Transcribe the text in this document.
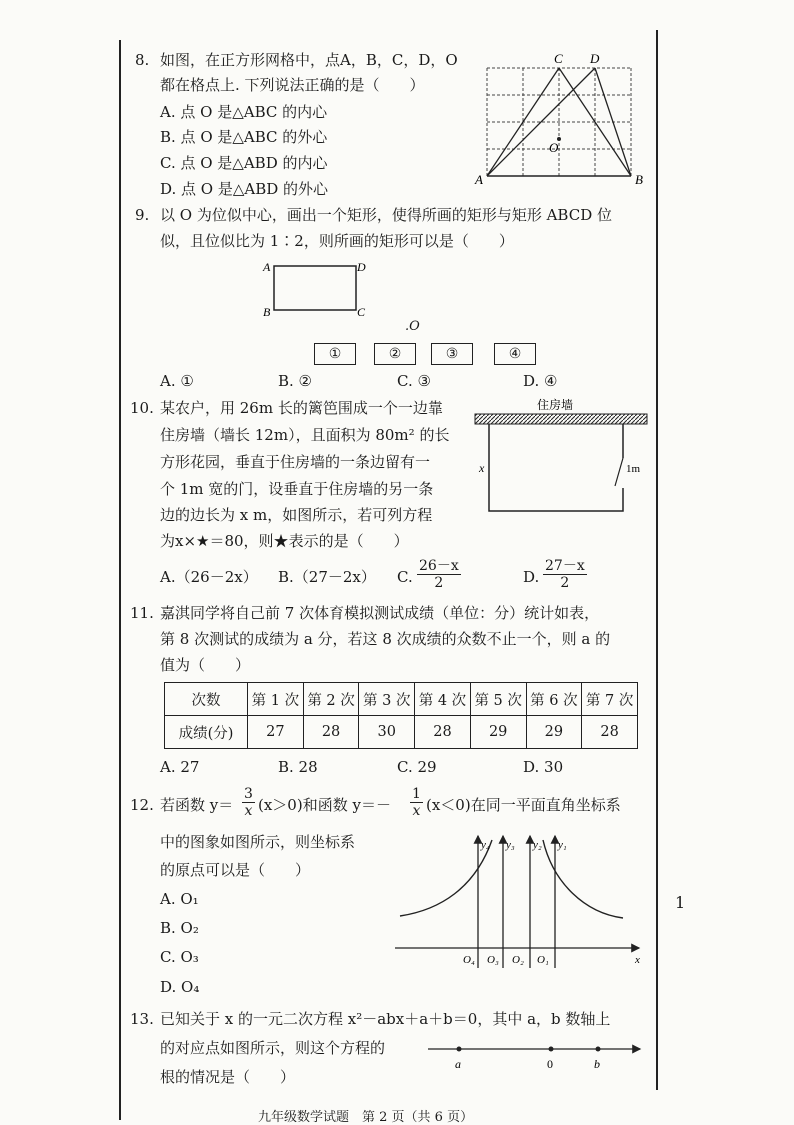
8. 如图，在正方形网格中，点A，B，C，D，O
都在格点上. 下列说法正确的是（　　）
A. 点 O 是△ABC 的内心
B. 点 O 是△ABC 的外心
C. 点 O 是△ABD 的内心
D. 点 O 是△ABD 的外心
A	B
C D
O
9. 以 O 为位似中心，画出一个矩形，使得所画的矩形与矩形 ABCD 位
似，且位似比为 1∶2，则所画的矩形可以是（　　）
A	D
B	C
.O
①	②	③	④
A. ①	B. ②	C. ③	D. ④
10. 某农户，用 26m 长的篱笆围成一个一边靠
住房墙（墙长 12m），且面积为 80m² 的长
方形花园，垂直于住房墙的一条边留有一
个 1m 宽的门，设垂直于住房墙的另一条
边的边长为 x m，如图所示，若可列方程
为x×★＝80，则★表示的是（　　）
住房墙
x	1m
A.（26－2x） B.（27－2x） C. $\frac{26-x}{2}$	D. $\frac{27-x}{2}$
11. 嘉淇同学将自己前 7 次体育模拟测试成绩（单位：分）统计如表，
第 8 次测试的成绩为 a 分，若这 8 次成绩的众数不止一个，则 a 的
值为（　　）
次数	第 1 次	第 2 次	第 3 次	第 4 次	第 5 次	第 6 次	第 7 次
成绩(分)	27	28	30	28	29	29	28
A. 27	B. 28	C. 29	D. 30
12. 若函数 $y= \frac{3}{x} (x>0)$和函数 $y=- \frac{1}{x} (x<0)$在同一平面直角坐标系
中的图象如图所示，则坐标系
的原点可以是（　　）
A. O₁
B. O₂
C. O₃
D. O₄
y₄ y₃ y₂ y₁
O₄ O₃ O₂ O₁	x
13. 已知关于 x 的一元二次方程 x²－abx＋a＋b＝0，其中 a，b 数轴上
的对应点如图所示，则这个方程的
根的情况是（　　）
a	0	b
1
九年级数学试题　第 2 页（共 6 页）
